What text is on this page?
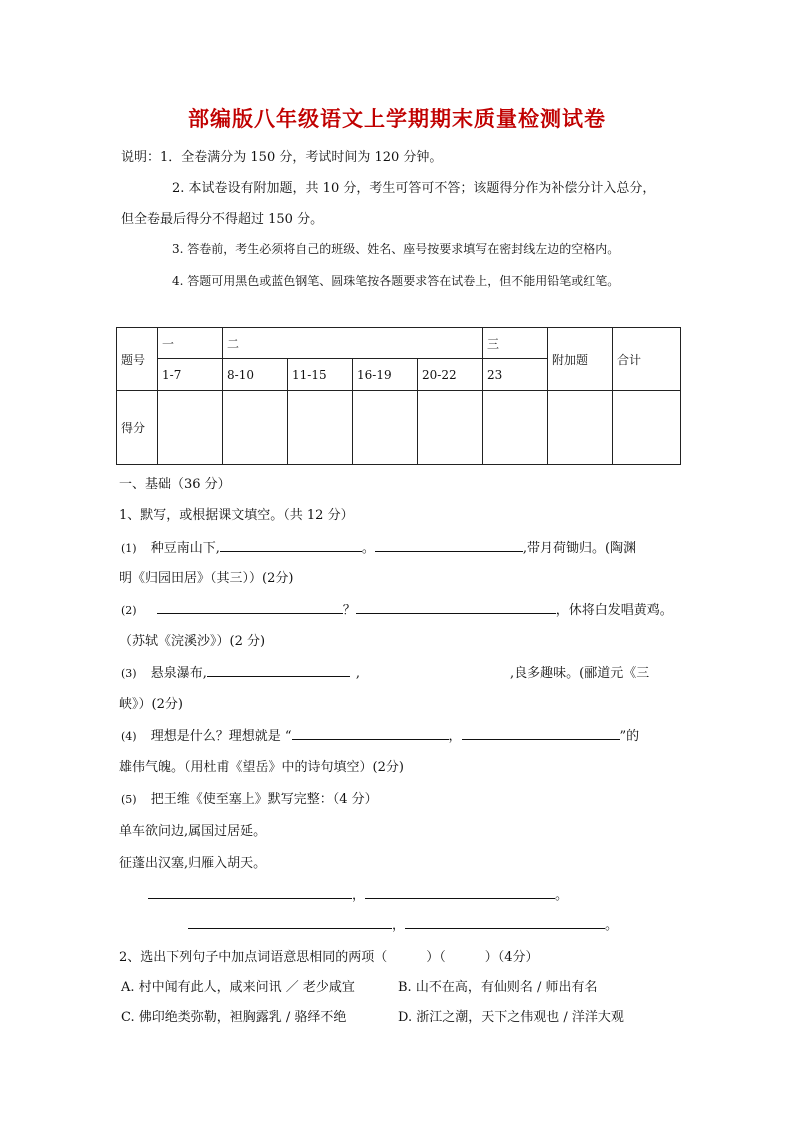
部编版八年级语文上学期期末质量检测试卷
说明：1．全卷满分为 150 分，考试时间为 120 分钟。
2. 本试卷设有附加题，共 10 分，考生可答可不答；该题得分作为补偿分计入总分，
但全卷最后得分不得超过 150 分。
3. 答卷前，考生必须将自己的班级、姓名、座号按要求填写在密封线左边的空格内。
4. 答题可用黑色或蓝色钢笔、圆珠笔按各题要求答在试卷上，但不能用铅笔或红笔。
题号	一	二				三	附加题	合计
	1-7	8-10	11-15	16-19	20-22	23		
得分								
一、基础（36 分）
1、默写，或根据课文填空。（共 12 分）
(1) 种豆南山下,	。	,带月荷锄归。(陶渊
明《归园田居》（其三））(2分)
(2)	？	，休将白发唱黄鸡。
（苏轼《浣溪沙》）(2 分)
(3) 悬泉瀑布,	,	,良多趣味。(郦道元《三
峡》）(2分)
(4) 理想是什么？理想就是 “	，	”的
雄伟气魄。（用杜甫《望岳》中的诗句填空）(2分)
(5) 把王维《使至塞上》默写完整：（4 分）
单车欲问边,属国过居延。
征蓬出汉塞,归雁入胡天。
，	。
，	。
2、选出下列句子中加点词语意思相同的两项（　　　）（　　　）（4分）
A. 村中闻有此人，咸来问讯 ／ 老少咸宜	B. 山不在高，有仙则名 / 师出有名
C. 佛印绝类弥勒，袒胸露乳 / 骆绎不绝	D. 浙江之潮，天下之伟观也 / 洋洋大观
